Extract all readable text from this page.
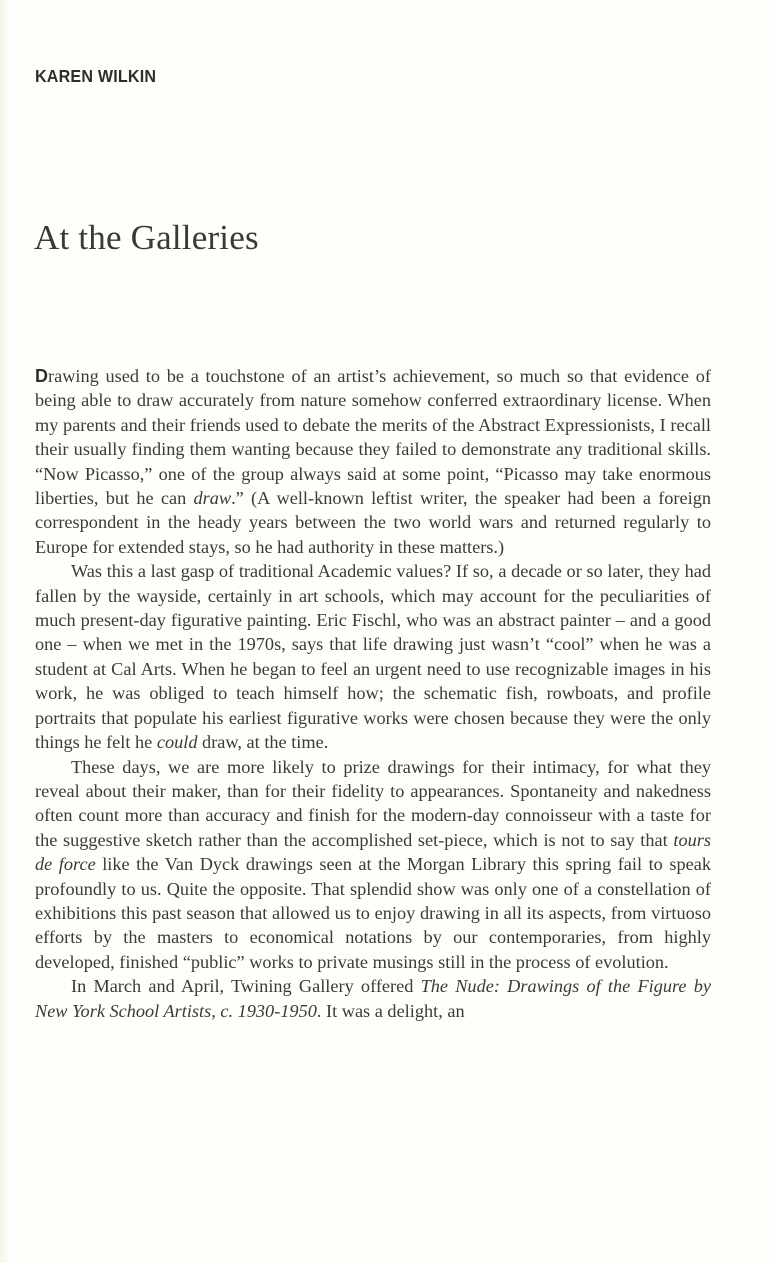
KAREN WILKIN
At the Galleries

Drawing used to be a touchstone of an artist’s achievement, so much so that evidence of being able to draw accurately from nature somehow conferred extraordinary license. When my parents and their friends used to debate the merits of the Abstract Expressionists, I recall their usually finding them wanting because they failed to demonstrate any traditional skills. “Now Picasso,” one of the group always said at some point, “Picasso may take enormous liberties, but he can draw.” (A well-known leftist writer, the speaker had been a foreign correspondent in the heady years between the two world wars and returned regularly to Europe for extended stays, so he had authority in these matters.)

Was this a last gasp of traditional Academic values? If so, a decade or so later, they had fallen by the wayside, certainly in art schools, which may account for the peculiarities of much present-day figurative painting. Eric Fischl, who was an abstract painter – and a good one – when we met in the 1970s, says that life drawing just wasn’t “cool” when he was a student at Cal Arts. When he began to feel an urgent need to use recognizable images in his work, he was obliged to teach himself how; the schematic fish, rowboats, and profile portraits that populate his earliest figurative works were chosen because they were the only things he felt he could draw, at the time.

These days, we are more likely to prize drawings for their intimacy, for what they reveal about their maker, than for their fidelity to appearances. Spontaneity and nakedness often count more than accuracy and finish for the modern-day connoisseur with a taste for the suggestive sketch rather than the accomplished set-piece, which is not to say that tours de force like the Van Dyck drawings seen at the Morgan Library this spring fail to speak profoundly to us. Quite the opposite. That splendid show was only one of a constellation of exhibitions this past season that allowed us to enjoy drawing in all its aspects, from virtuoso efforts by the masters to economical notations by our contemporaries, from highly developed, finished “public” works to private musings still in the process of evolution.

In March and April, Twining Gallery offered The Nude: Drawings of the Figure by New York School Artists, c. 1930-1950. It was a delight, an
